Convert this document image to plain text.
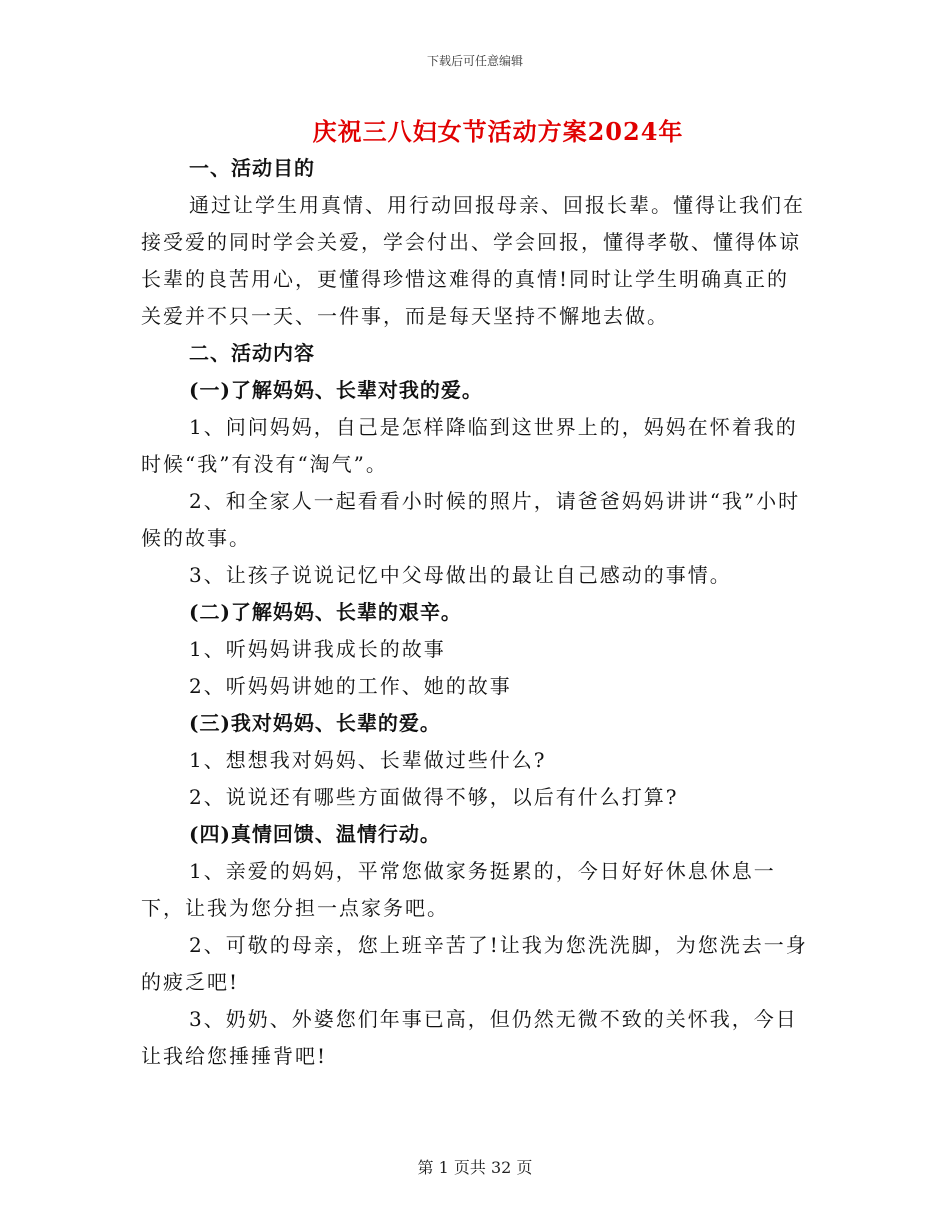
下载后可任意编辑
庆祝三八妇女节活动方案2024年

一、活动目的

通过让学生用真情、用行动回报母亲、回报长辈。懂得让我们在接受爱的同时学会关爱，学会付出、学会回报，懂得孝敬、懂得体谅长辈的良苦用心，更懂得珍惜这难得的真情!同时让学生明确真正的关爱并不只一天、一件事，而是每天坚持不懈地去做。

二、活动内容

(一)了解妈妈、长辈对我的爱。

1、问问妈妈，自己是怎样降临到这世界上的，妈妈在怀着我的时候“我”有没有“淘气”。

2、和全家人一起看看小时候的照片，请爸爸妈妈讲讲“我”小时候的故事。

3、让孩子说说记忆中父母做出的最让自己感动的事情。

(二)了解妈妈、长辈的艰辛。

1、听妈妈讲我成长的故事

2、听妈妈讲她的工作、她的故事

(三)我对妈妈、长辈的爱。

1、想想我对妈妈、长辈做过些什么?

2、说说还有哪些方面做得不够，以后有什么打算?

(四)真情回馈、温情行动。

1、亲爱的妈妈，平常您做家务挺累的，今日好好休息休息一下，让我为您分担一点家务吧。

2、可敬的母亲，您上班辛苦了!让我为您洗洗脚，为您洗去一身的疲乏吧!

3、奶奶、外婆您们年事已高，但仍然无微不致的关怀我，今日让我给您捶捶背吧!

第 1 页共 32 页
